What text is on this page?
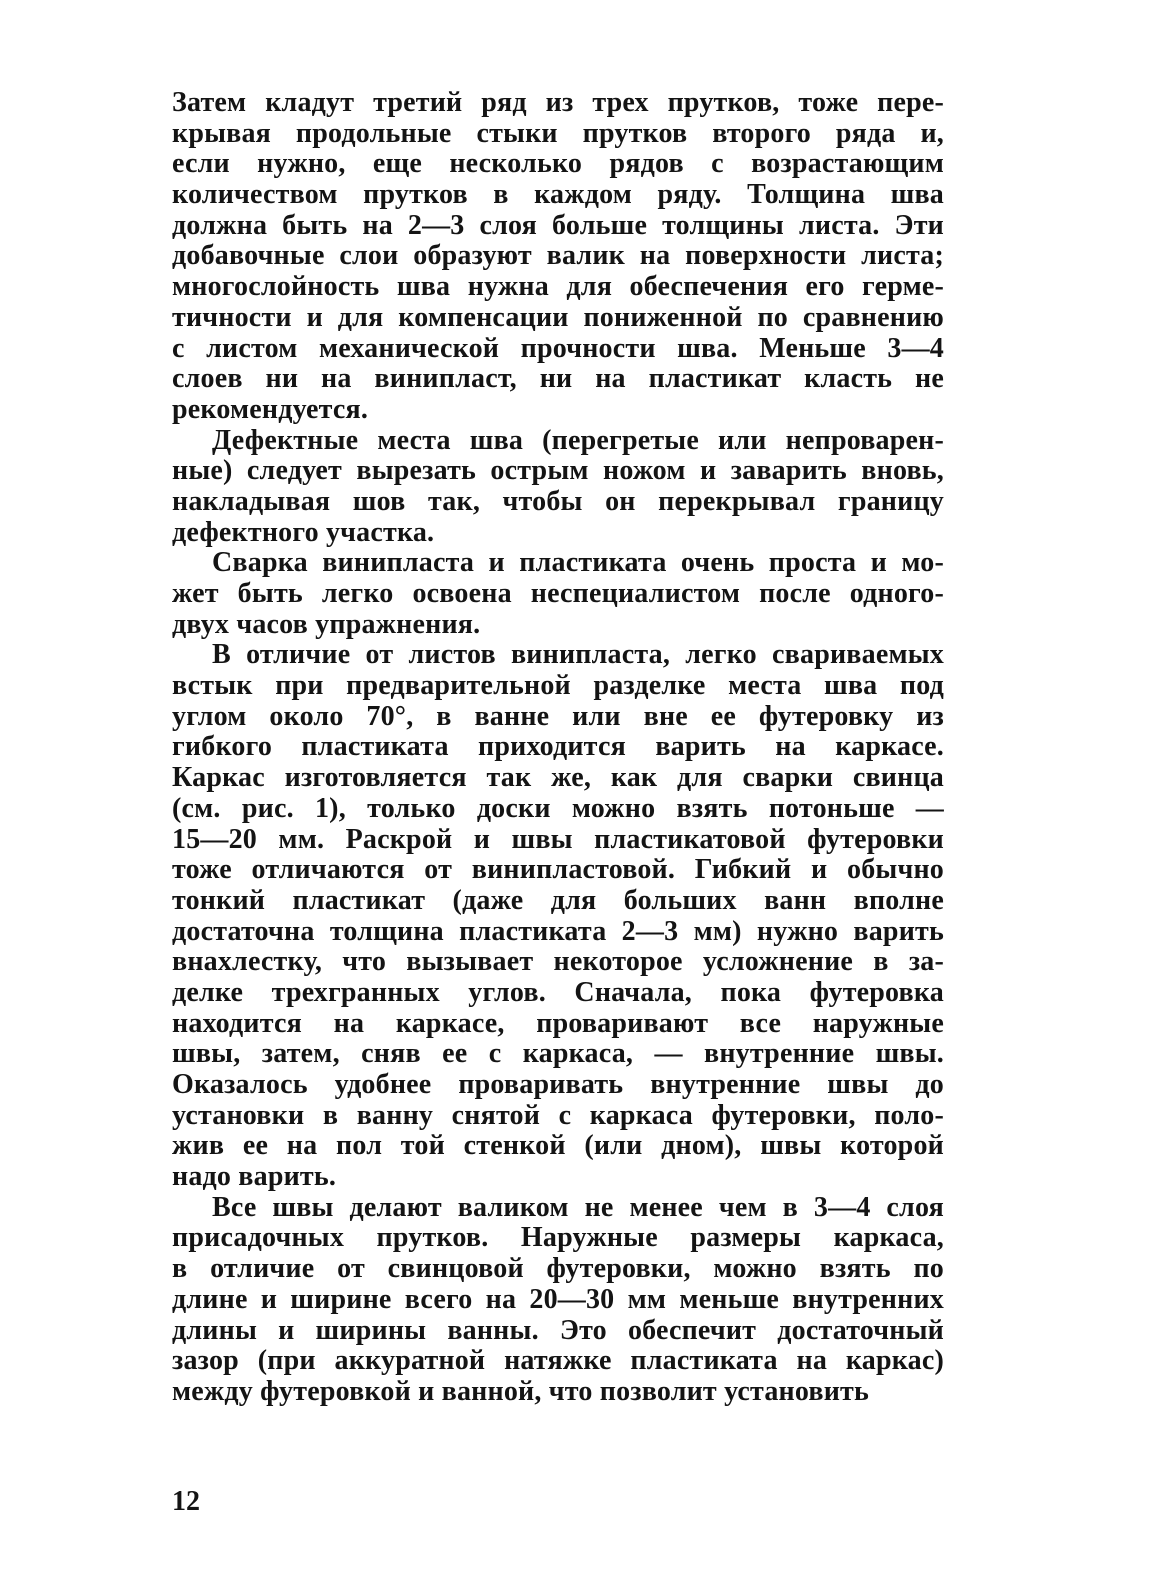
Затем кладут третий ряд из трех прутков, тоже пере-
крывая продольные стыки прутков второго ряда и,
если нужно, еще несколько рядов с возрастающим
количеством прутков в каждом ряду. Толщина шва
должна быть на 2—3 слоя больше толщины листа. Эти
добавочные слои образуют валик на поверхности листа;
многослойность шва нужна для обеспечения его герме-
тичности и для компенсации пониженной по сравнению
с листом механической прочности шва. Меньше 3—4
слоев ни на винипласт, ни на пластикат класть не
рекомендуется.
Дефектные места шва (перегретые или непроварен-
ные) следует вырезать острым ножом и заварить вновь,
накладывая шов так, чтобы он перекрывал границу
дефектного участка.
Сварка винипласта и пластиката очень проста и мо-
жет быть легко освоена неспециалистом после одного-
двух часов упражнения.
В отличие от листов винипласта, легко свариваемых
встык при предварительной разделке места шва под
углом около 70°, в ванне или вне ее футеровку из
гибкого пластиката приходится варить на каркасе.
Каркас изготовляется так же, как для сварки свинца
(см. рис. 1), только доски можно взять потоньше —
15—20 мм. Раскрой и швы пластикатовой футеровки
тоже отличаются от винипластовой. Гибкий и обычно
тонкий пластикат (даже для больших ванн вполне
достаточна толщина пластиката 2—3 мм) нужно варить
внахлестку, что вызывает некоторое усложнение в за-
делке трехгранных углов. Сначала, пока футеровка
находится на каркасе, проваривают все наружные
швы, затем, сняв ее с каркаса, — внутренние швы.
Оказалось удобнее проваривать внутренние швы до
установки в ванну снятой с каркаса футеровки, поло-
жив ее на пол той стенкой (или дном), швы которой
надо варить.
Все швы делают валиком не менее чем в 3—4 слоя
присадочных прутков. Наружные размеры каркаса,
в отличие от свинцовой футеровки, можно взять по
длине и ширине всего на 20—30 мм меньше внутренних
длины и ширины ванны. Это обеспечит достаточный
зазор (при аккуратной натяжке пластиката на каркас)
между футеровкой и ванной, что позволит установить
12
